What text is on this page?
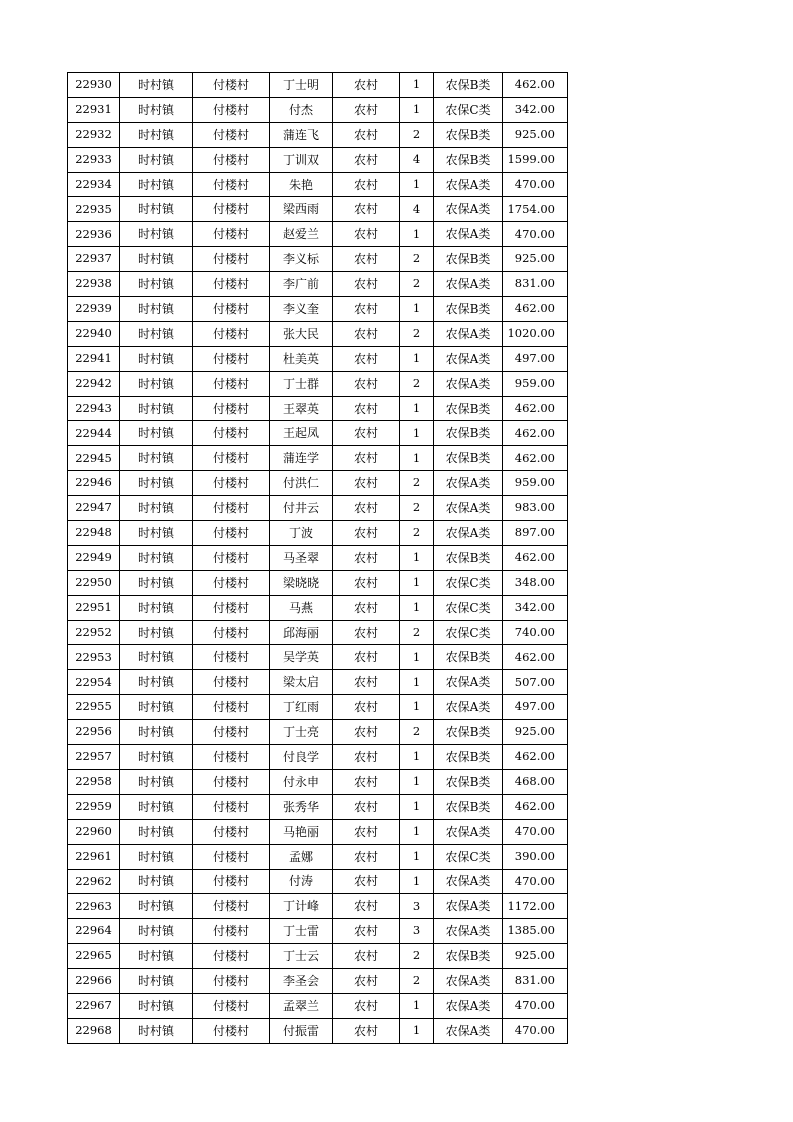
22930	时村镇	付楼村	丁士明	农村	1	农保B类	462.00
22931	时村镇	付楼村	付杰	农村	1	农保C类	342.00
22932	时村镇	付楼村	蒲连飞	农村	2	农保B类	925.00
22933	时村镇	付楼村	丁训双	农村	4	农保B类	1599.00
22934	时村镇	付楼村	朱艳	农村	1	农保A类	470.00
22935	时村镇	付楼村	梁西雨	农村	4	农保A类	1754.00
22936	时村镇	付楼村	赵爱兰	农村	1	农保A类	470.00
22937	时村镇	付楼村	李义标	农村	2	农保B类	925.00
22938	时村镇	付楼村	李广前	农村	2	农保A类	831.00
22939	时村镇	付楼村	李义奎	农村	1	农保B类	462.00
22940	时村镇	付楼村	张大民	农村	2	农保A类	1020.00
22941	时村镇	付楼村	杜美英	农村	1	农保A类	497.00
22942	时村镇	付楼村	丁士群	农村	2	农保A类	959.00
22943	时村镇	付楼村	王翠英	农村	1	农保B类	462.00
22944	时村镇	付楼村	王起凤	农村	1	农保B类	462.00
22945	时村镇	付楼村	蒲连学	农村	1	农保B类	462.00
22946	时村镇	付楼村	付洪仁	农村	2	农保A类	959.00
22947	时村镇	付楼村	付井云	农村	2	农保A类	983.00
22948	时村镇	付楼村	丁波	农村	2	农保A类	897.00
22949	时村镇	付楼村	马圣翠	农村	1	农保B类	462.00
22950	时村镇	付楼村	梁晓晓	农村	1	农保C类	348.00
22951	时村镇	付楼村	马燕	农村	1	农保C类	342.00
22952	时村镇	付楼村	邱海丽	农村	2	农保C类	740.00
22953	时村镇	付楼村	吴学英	农村	1	农保B类	462.00
22954	时村镇	付楼村	梁太启	农村	1	农保A类	507.00
22955	时村镇	付楼村	丁红雨	农村	1	农保A类	497.00
22956	时村镇	付楼村	丁士亮	农村	2	农保B类	925.00
22957	时村镇	付楼村	付良学	农村	1	农保B类	462.00
22958	时村镇	付楼村	付永申	农村	1	农保B类	468.00
22959	时村镇	付楼村	张秀华	农村	1	农保B类	462.00
22960	时村镇	付楼村	马艳丽	农村	1	农保A类	470.00
22961	时村镇	付楼村	孟娜	农村	1	农保C类	390.00
22962	时村镇	付楼村	付涛	农村	1	农保A类	470.00
22963	时村镇	付楼村	丁计峰	农村	3	农保A类	1172.00
22964	时村镇	付楼村	丁士雷	农村	3	农保A类	1385.00
22965	时村镇	付楼村	丁士云	农村	2	农保B类	925.00
22966	时村镇	付楼村	李圣会	农村	2	农保A类	831.00
22967	时村镇	付楼村	孟翠兰	农村	1	农保A类	470.00
22968	时村镇	付楼村	付振雷	农村	1	农保A类	470.00
